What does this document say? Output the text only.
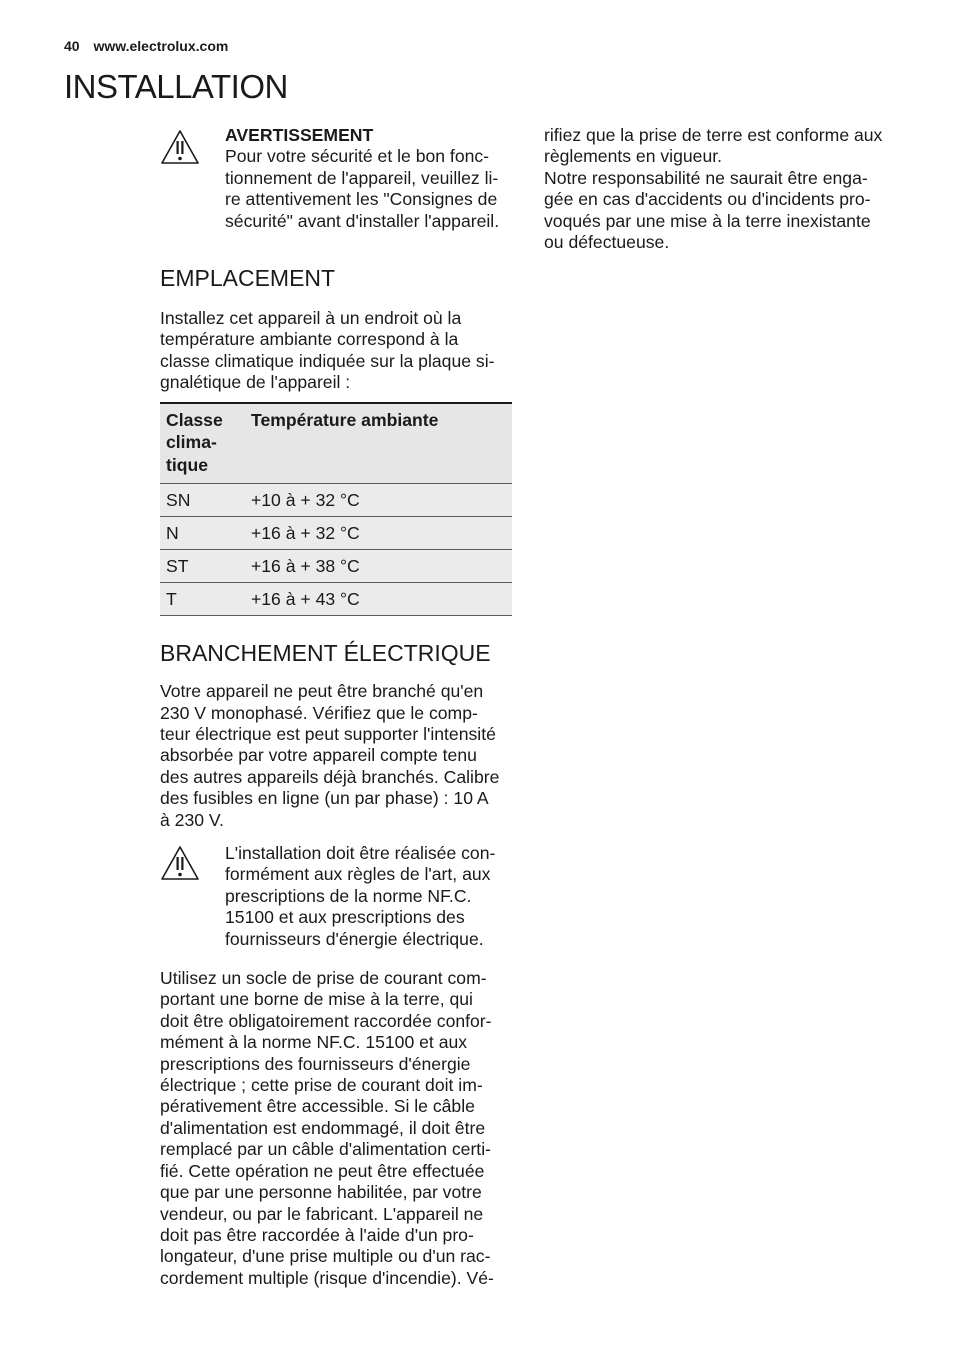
40 www.electrolux.com
INSTALLATION
AVERTISSEMENT

Pour votre sécurité et le bon fonc-
tionnement de l'appareil, veuillez li-
re attentivement les "Consignes de
sécurité" avant d'installer l'appareil.

EMPLACEMENT

Installez cet appareil à un endroit où la
température ambiante correspond à la
classe climatique indiquée sur la plaque si-
gnalétique de l'appareil :

Classe
clima-
tique	Température ambiante
SN	+10 à + 32 °C
N	+16 à + 32 °C
ST	+16 à + 38 °C
T	+16 à + 43 °C
BRANCHEMENT ÉLECTRIQUE

Votre appareil ne peut être branché qu'en
230 V monophasé. Vérifiez que le comp-
teur électrique est peut supporter l'intensité
absorbée par votre appareil compte tenu
des autres appareils déjà branchés. Calibre
des fusibles en ligne (un par phase) : 10 A
à 230 V.

L'installation doit être réalisée con-
formément aux règles de l'art, aux
prescriptions de la norme NF.C.
15100 et aux prescriptions des
fournisseurs d'énergie électrique.

Utilisez un socle de prise de courant com-
portant une borne de mise à la terre, qui
doit être obligatoirement raccordée confor-
mément à la norme NF.C. 15100 et aux
prescriptions des fournisseurs d'énergie
électrique ; cette prise de courant doit im-
pérativement être accessible. Si le câble
d'alimentation est endommagé, il doit être
remplacé par un câble d'alimentation certi-
fié. Cette opération ne peut être effectuée
que par une personne habilitée, par votre
vendeur, ou par le fabricant. L'appareil ne
doit pas être raccordée à l'aide d'un pro-
longateur, d'une prise multiple ou d'un rac-
cordement multiple (risque d'incendie). Vé-

rifiez que la prise de terre est conforme aux
règlements en vigueur.
Notre responsabilité ne saurait être enga-
gée en cas d'accidents ou d'incidents pro-
voqués par une mise à la terre inexistante
ou défectueuse.
